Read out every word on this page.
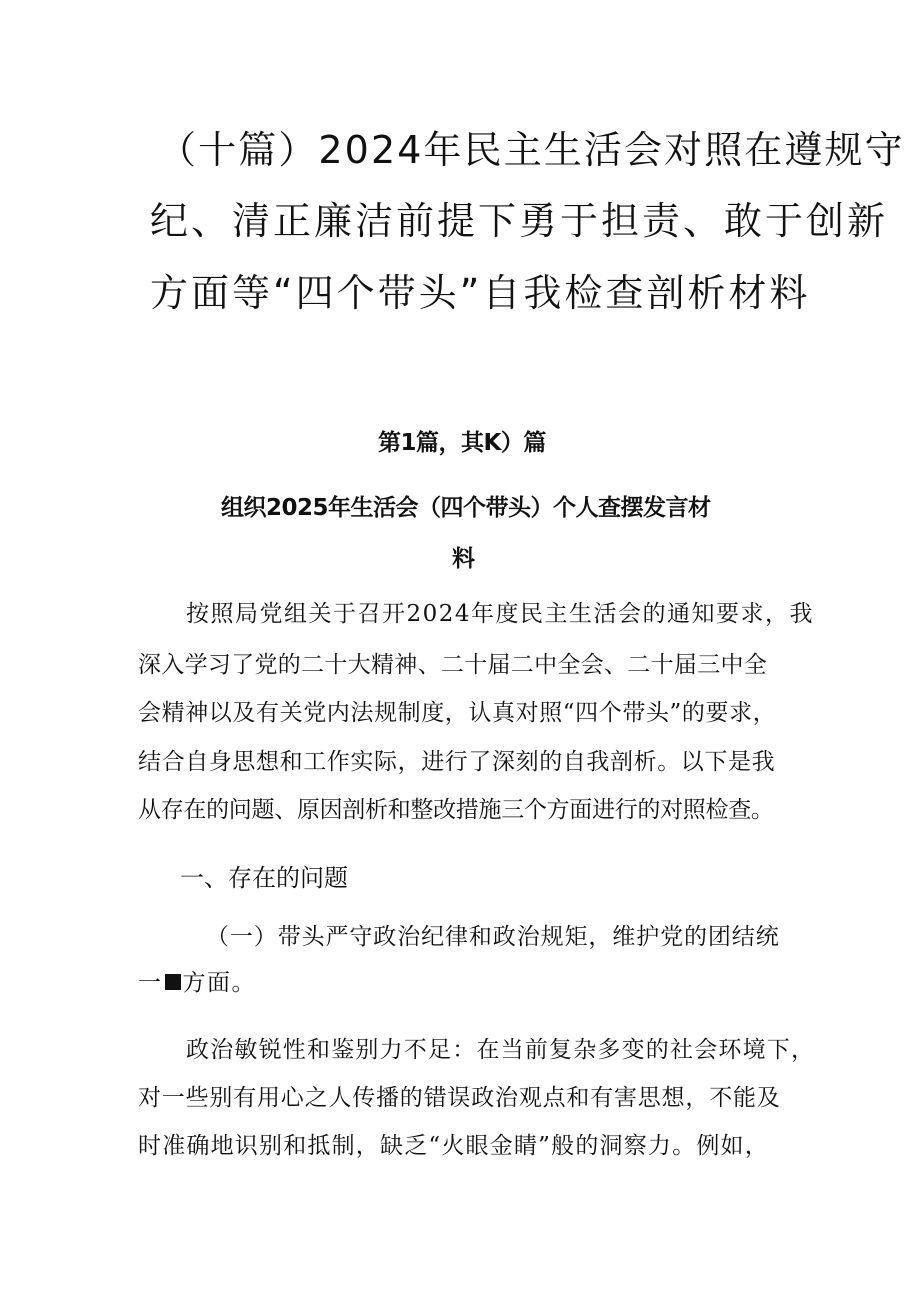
（十篇）2024年民主生活会对照在遵规守
纪、清正廉洁前提下勇于担责、敢于创新
方面等“四个带头”自我检查剖析材料
第1篇，其K）篇
组织2025年生活会（四个带头）个人查摆发言材
料
按照局党组关于召开2024年度民主生活会的通知要求，我
深入学习了党的二十大精神、二十届二中全会、二十届三中全
会精神以及有关党内法规制度，认真对照“四个带头”的要求，
结合自身思想和工作实际，进行了深刻的自我剖析。以下是我
从存在的问题、原因剖析和整改措施三个方面进行的对照检查。
一、存在的问题
（一）带头严守政治纪律和政治规矩，维护党的团结统
一 方面。
政治敏锐性和鉴别力不足：在当前复杂多变的社会环境下，
对一些别有用心之人传播的错误政治观点和有害思想，不能及
时准确地识别和抵制，缺乏“火眼金睛”般的洞察力。例如，
